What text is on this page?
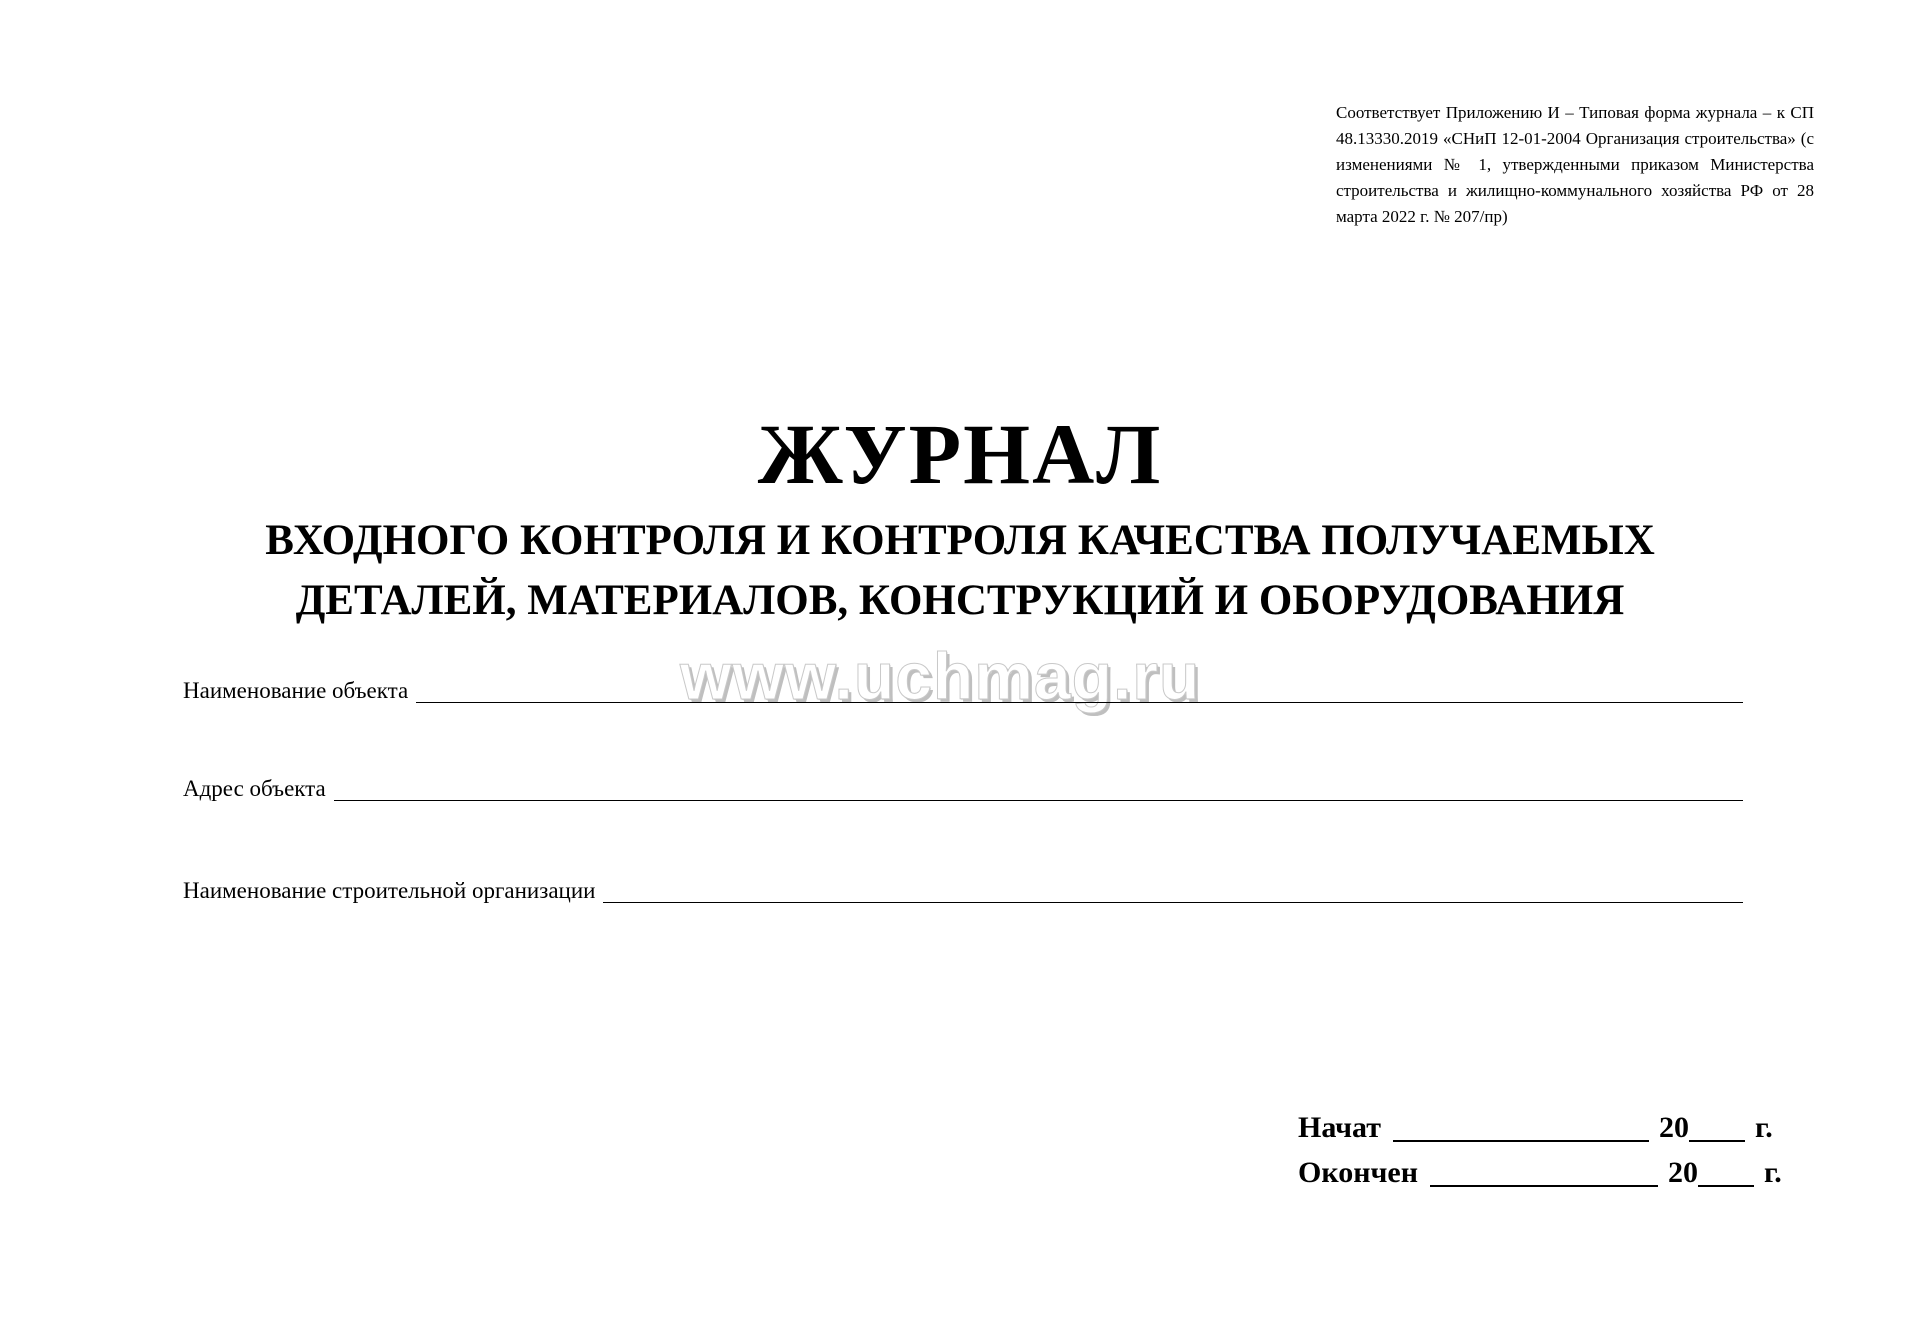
Соответствует Приложению И – Типовая форма журнала – к СП 48.13330.2019 «СНиП 12-01-2004 Организация строительства» (с изменениями № 1, утвержденными приказом Министерства строительства и жилищно-коммунального хозяйства РФ от 28 марта 2022 г. № 207/пр)
ЖУРНАЛ
ВХОДНОГО КОНТРОЛЯ И КОНТРОЛЯ КАЧЕСТВА ПОЛУЧАЕМЫХ
ДЕТАЛЕЙ, МАТЕРИАЛОВ, КОНСТРУКЦИЙ И ОБОРУДОВАНИЯ
www.uchmag.ru
Наименование объекта
Адрес объекта
Наименование строительной организации
Начат	20 г.
Окончен	20 г.
